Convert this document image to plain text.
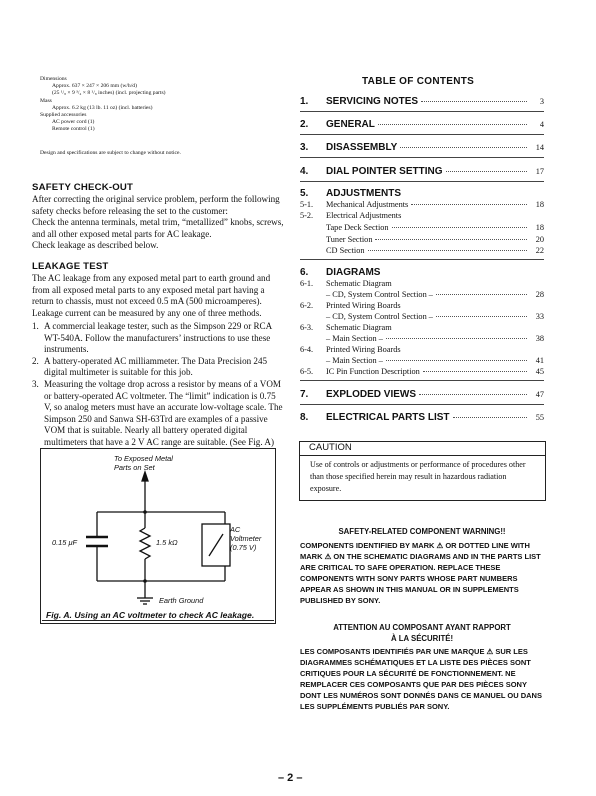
Dimensions
Approx. 637 × 247 × 206 mm (w/h/d)
(25 ¹/₈ × 9 ³/₄ × 8 ¹/₈ inches) (incl. projecting parts)
Mass
Approx. 6.2 kg (13 lb. 11 oz) (incl. batteries)
Supplied accessories
AC power cord (1)
Remote control (1)
Design and specifications are subject to change without notice.
SAFETY CHECK-OUT

After correcting the original service problem, perform the following safety checks before releasing the set to the customer:

Check the antenna terminals, metal trim, “metallized” knobs, screws, and all other exposed metal parts for AC leakage.

Check leakage as described below.

LEAKAGE TEST

The AC leakage from any exposed metal part to earth ground and from all exposed metal parts to any exposed metal part having a return to chassis, must not exceed 0.5 mA (500 microamperes). Leakage current can be measured by any one of three methods.

1. A commercial leakage tester, such as the Simpson 229 or RCA WT-540A. Follow the manufacturers’ instructions to use these instruments.
2. A battery-operated AC milliammeter. The Data Precision 245 digital multimeter is suitable for this job.
3. Measuring the voltage drop across a resistor by means of a VOM or battery-operated AC voltmeter. The “limit” indication is 0.75 V, so analog meters must have an accurate low-voltage scale. The Simpson 250 and Sanwa SH-63Trd are examples of a passive VOM that is suitable. Nearly all battery operated digital multimeters that have a 2 V AC range are suitable. (See Fig. A)
To Exposed Metal
Parts on Set
0.15 μF	1.5 kΩ
AC
Voltmeter
(0.75 V)
Earth Ground
Fig. A. Using an AC voltmeter to check AC leakage.
TABLE OF CONTENTS
1.	SERVICING NOTES	3
2.	GENERAL	4
3.	DISASSEMBLY	14
4.	DIAL POINTER SETTING	17
5.	ADJUSTMENTS
5-1.	Mechanical Adjustments	18
5-2.	Electrical Adjustments
Tape Deck Section	18
Tuner Section	20
CD Section	22
6.	DIAGRAMS
6-1.	Schematic Diagram
– CD, System Control Section –	28
6-2.	Printed Wiring Boards
– CD, System Control Section –	33
6-3.	Schematic Diagram
– Main Section –	38
6-4.	Printed Wiring Boards
– Main Section –	41
6-5.	IC Pin Function Description	45
7.	EXPLODED VIEWS	47
8.	ELECTRICAL PARTS LIST	55
CAUTION
Use of controls or adjustments or performance of procedures other than those specified herein may result in hazardous radiation exposure.
SAFETY-RELATED COMPONENT WARNING!!
COMPONENTS IDENTIFIED BY MARK ⚠ OR DOTTED LINE WITH MARK ⚠ ON THE SCHEMATIC DIAGRAMS AND IN THE PARTS LIST ARE CRITICAL TO SAFE OPERATION. REPLACE THESE COMPONENTS WITH SONY PARTS WHOSE PART NUMBERS APPEAR AS SHOWN IN THIS MANUAL OR IN SUPPLEMENTS PUBLISHED BY SONY.
ATTENTION AU COMPOSANT AYANT RAPPORT
À LA SÉCURITÉ!
LES COMPOSANTS IDENTIFIÉS PAR UNE MARQUE ⚠ SUR LES DIAGRAMMES SCHÉMATIQUES ET LA LISTE DES PIÈCES SONT CRITIQUES POUR LA SÉCURITÉ DE FONCTIONNEMENT. NE REMPLACER CES COMPOSANTS QUE PAR DES PIÈCES SONY DONT LES NUMÉROS SONT DONNÉS DANS CE MANUEL OU DANS LES SUPPLÉMENTS PUBLIÉS PAR SONY.
– 2 –
